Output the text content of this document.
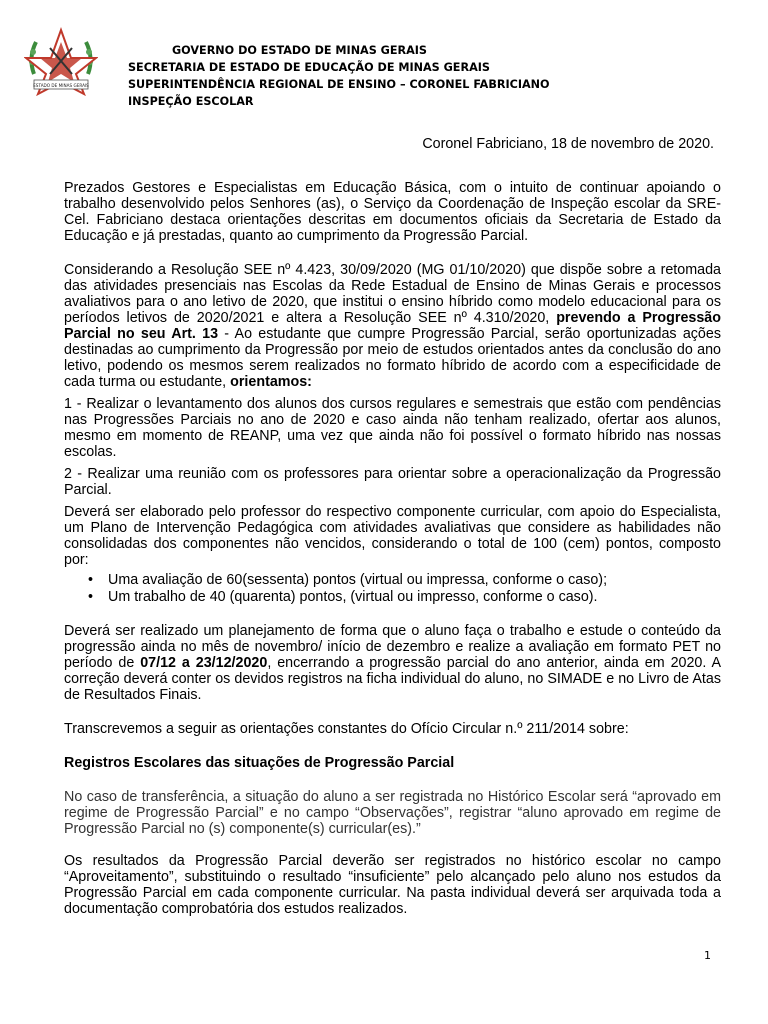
ESTADO DE MINAS GERAIS
GOVERNO DO ESTADO DE MINAS GERAIS
SECRETARIA DE ESTADO DE EDUCAÇÃO DE MINAS GERAIS
SUPERINTENDÊNCIA REGIONAL DE ENSINO – CORONEL FABRICIANO
INSPEÇÃO ESCOLAR
Coronel Fabriciano, 18 de novembro de 2020.

Prezados Gestores e Especialistas em Educação Básica, com o intuito de continuar apoiando o trabalho desenvolvido pelos Senhores (as), o Serviço da Coordenação de Inspeção escolar da SRE-Cel. Fabriciano destaca orientações descritas em documentos oficiais da Secretaria de Estado da Educação e já prestadas, quanto ao cumprimento da Progressão Parcial.

Considerando a Resolução SEE nº 4.423, 30/09/2020 (MG 01/10/2020) que dispõe sobre a retomada das atividades presenciais nas Escolas da Rede Estadual de Ensino de Minas Gerais e processos avaliativos para o ano letivo de 2020, que institui o ensino híbrido como modelo educacional para os períodos letivos de 2020/2021 e altera a Resolução SEE nº 4.310/2020, prevendo a Progressão Parcial no seu Art. 13 - Ao estudante que cumpre Progressão Parcial, serão oportunizadas ações destinadas ao cumprimento da Progressão por meio de estudos orientados antes da conclusão do ano letivo, podendo os mesmos serem realizados no formato híbrido de acordo com a especificidade de cada turma ou estudante, orientamos:

1 - Realizar o levantamento dos alunos dos cursos regulares e semestrais que estão com pendências nas Progressões Parciais no ano de 2020 e caso ainda não tenham realizado, ofertar aos alunos, mesmo em momento de REANP, uma vez que ainda não foi possível o formato híbrido nas nossas escolas.

2 - Realizar uma reunião com os professores para orientar sobre a operacionalização da Progressão Parcial.

Deverá ser elaborado pelo professor do respectivo componente curricular, com apoio do Especialista, um Plano de Intervenção Pedagógica com atividades avaliativas que considere as habilidades não consolidadas dos componentes não vencidos, considerando o total de 100 (cem) pontos, composto por:

• Uma avaliação de 60(sessenta) pontos (virtual ou impressa, conforme o caso);
• Um trabalho de 40 (quarenta) pontos, (virtual ou impresso, conforme o caso).

Deverá ser realizado um planejamento de forma que o aluno faça o trabalho e estude o conteúdo da progressão ainda no mês de novembro/ início de dezembro e realize a avaliação em formato PET no período de 07/12 a 23/12/2020, encerrando a progressão parcial do ano anterior, ainda em 2020. A correção deverá conter os devidos registros na ficha individual do aluno, no SIMADE e no Livro de Atas de Resultados Finais.

Transcrevemos a seguir as orientações constantes do Ofício Circular n.º 211/2014 sobre:

Registros Escolares das situações de Progressão Parcial

No caso de transferência, a situação do aluno a ser registrada no Histórico Escolar será “aprovado em regime de Progressão Parcial” e no campo “Observações”, registrar “aluno aprovado em regime de Progressão Parcial no (s) componente(s) curricular(es).”

Os resultados da Progressão Parcial deverão ser registrados no histórico escolar no campo “Aproveitamento”, substituindo o resultado “insuficiente” pelo alcançado pelo aluno nos estudos da Progressão Parcial em cada componente curricular. Na pasta individual deverá ser arquivada toda a documentação comprobatória dos estudos realizados.

1
